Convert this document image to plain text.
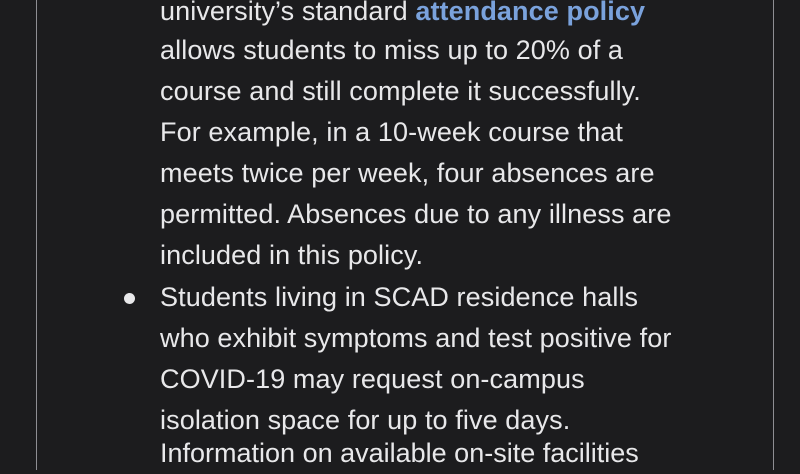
university’s standard attendance policy
allows students to miss up to 20% of a
course and still complete it successfully.
For example, in a 10-week course that
meets twice per week, four absences are
permitted. Absences due to any illness are
included in this policy.
Students living in SCAD residence halls
who exhibit symptoms and test positive for
COVID-19 may request on-campus
isolation space for up to five days.
Information on available on-site facilities
